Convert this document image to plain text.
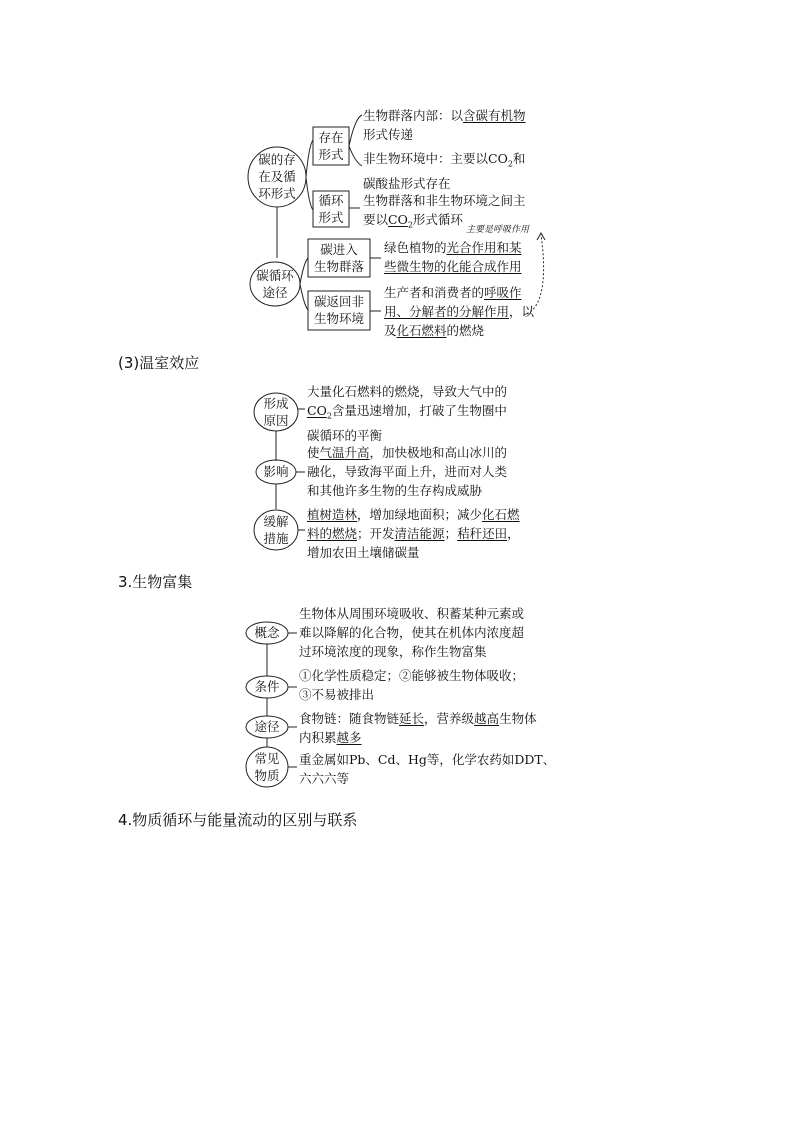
碳的存
在及循
环形式
存在
形式
循环
形式
生物群落内部：以含碳有机物
形式传递
非生物环境中：主要以$CO_2$和
碳酸盐形式存在
生物群落和非生物环境之间主
要以$CO_2$形式循环
主要是呼吸作用
碳循环
途径
碳进入
生物群落
碳返回非
生物环境
绿色植物的光合作用和某
些微生物的化能合成作用
生产者和消费者的呼吸作
用、分解者的分解作用，以
及化石燃料的燃烧
(3)温室效应
形成
原因
大量化石燃料的燃烧，导致大气中的
$CO_2$含量迅速增加，打破了生物圈中
碳循环的平衡
影响
使气温升高，加快极地和高山冰川的
融化，导致海平面上升，进而对人类
和其他许多生物的生存构成威胁
缓解
措施
植树造林，增加绿地面积；减少化石燃
料的燃烧；开发清洁能源；秸秆还田，
增加农田土壤储碳量
3.生物富集
概念
生物体从周围环境吸收、积蓄某种元素或
难以降解的化合物，使其在机体内浓度超
过环境浓度的现象，称作生物富集
条件
①化学性质稳定；②能够被生物体吸收；
③不易被排出
途径
食物链：随食物链延长，营养级越高生物体
内积累越多
常见
物质
重金属如Pb、Cd、Hg等，化学农药如DDT、
六六六等
4.物质循环与能量流动的区别与联系
